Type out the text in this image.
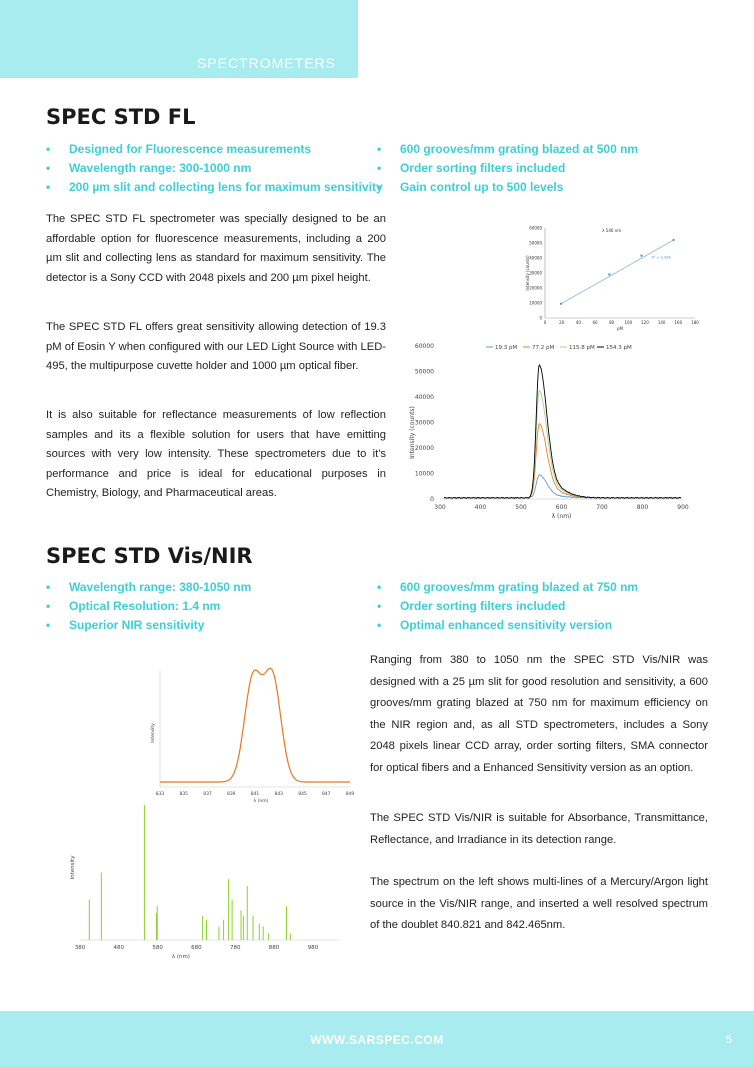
SPECTROMETERS
SPEC STD FL
• Designed for Fluorescence measurements
• Wavelength range: 300-1000 nm
• 200 µm slit and collecting lens for maximum sensitivity
• 600 grooves/mm grating blazed at 500 nm
• Order sorting filters included
• Gain control up to 500 levels

The SPEC STD FL spectrometer was specially designed to be an affordable option for fluorescence measurements, including a 200 µm slit and collecting lens as standard for maximum sensitivity. The detector is a Sony CCD with 2048 pixels and 200 µm pixel height.

The SPEC STD FL offers great sensitivity allowing detection of 19.3 pM of Eosin Y when configured with our LED Light Source with LED-495, the multipurpose cuvette holder and 1000 µm optical fiber.

It is also suitable for reflectance measurements of low reflection samples and its a flexible solution for users that have emitting sources with very low intensity. These spectrometers due to it's performance and price is ideal for educational purposes in Chemistry, Biology, and Pharmaceutical areas.

0
10000
20000
30000
40000
50000
60000
0	20	40	60	80	100 120 140 160 180
pM
Intensity (counts)
λ 546 nm
R² = 0.998
0
10000
20000
30000
40000
50000
60000
300	400	500	600	700	800	900
λ (nm)
Intensity (counts)
19.3 pM	77.2 pM	115.8 pM 154.3 pM
SPEC STD Vis/NIR
• Wavelength range: 380-1050 nm
• Optical Resolution: 1.4 nm
• Superior NIR sensitivity
• 600 grooves/mm grating blazed at 750 nm
• Order sorting filters included
• Optimal enhanced sensitivity version

Ranging from 380 to 1050 nm the SPEC STD Vis/NIR was designed with a 25 µm slit for good resolution and sensitivity, a 600 grooves/mm grating blazed at 750 nm for maximum efficiency on the NIR region and, as all STD spectrometers, includes a Sony 2048 pixels linear CCD array, order sorting filters, SMA connector for optical fibers and a Enhanced Sensitivity version as an option.

The SPEC STD Vis/NIR is suitable for Absorbance, Transmittance, Reflectance, and Irradiance in its detection range.

The spectrum on the left shows multi-lines of a Mercury/Argon light source in the Vis/NIR range, and inserted a well resolved spectrum of the doublet 840.821 and 842.465nm.

380	480	580	680	780	880	980
λ (nm)
Intensity
833	835	837	839	841	843	845	847	849
λ (nm)
Intensity
WWW.SARSPEC.COM	5
